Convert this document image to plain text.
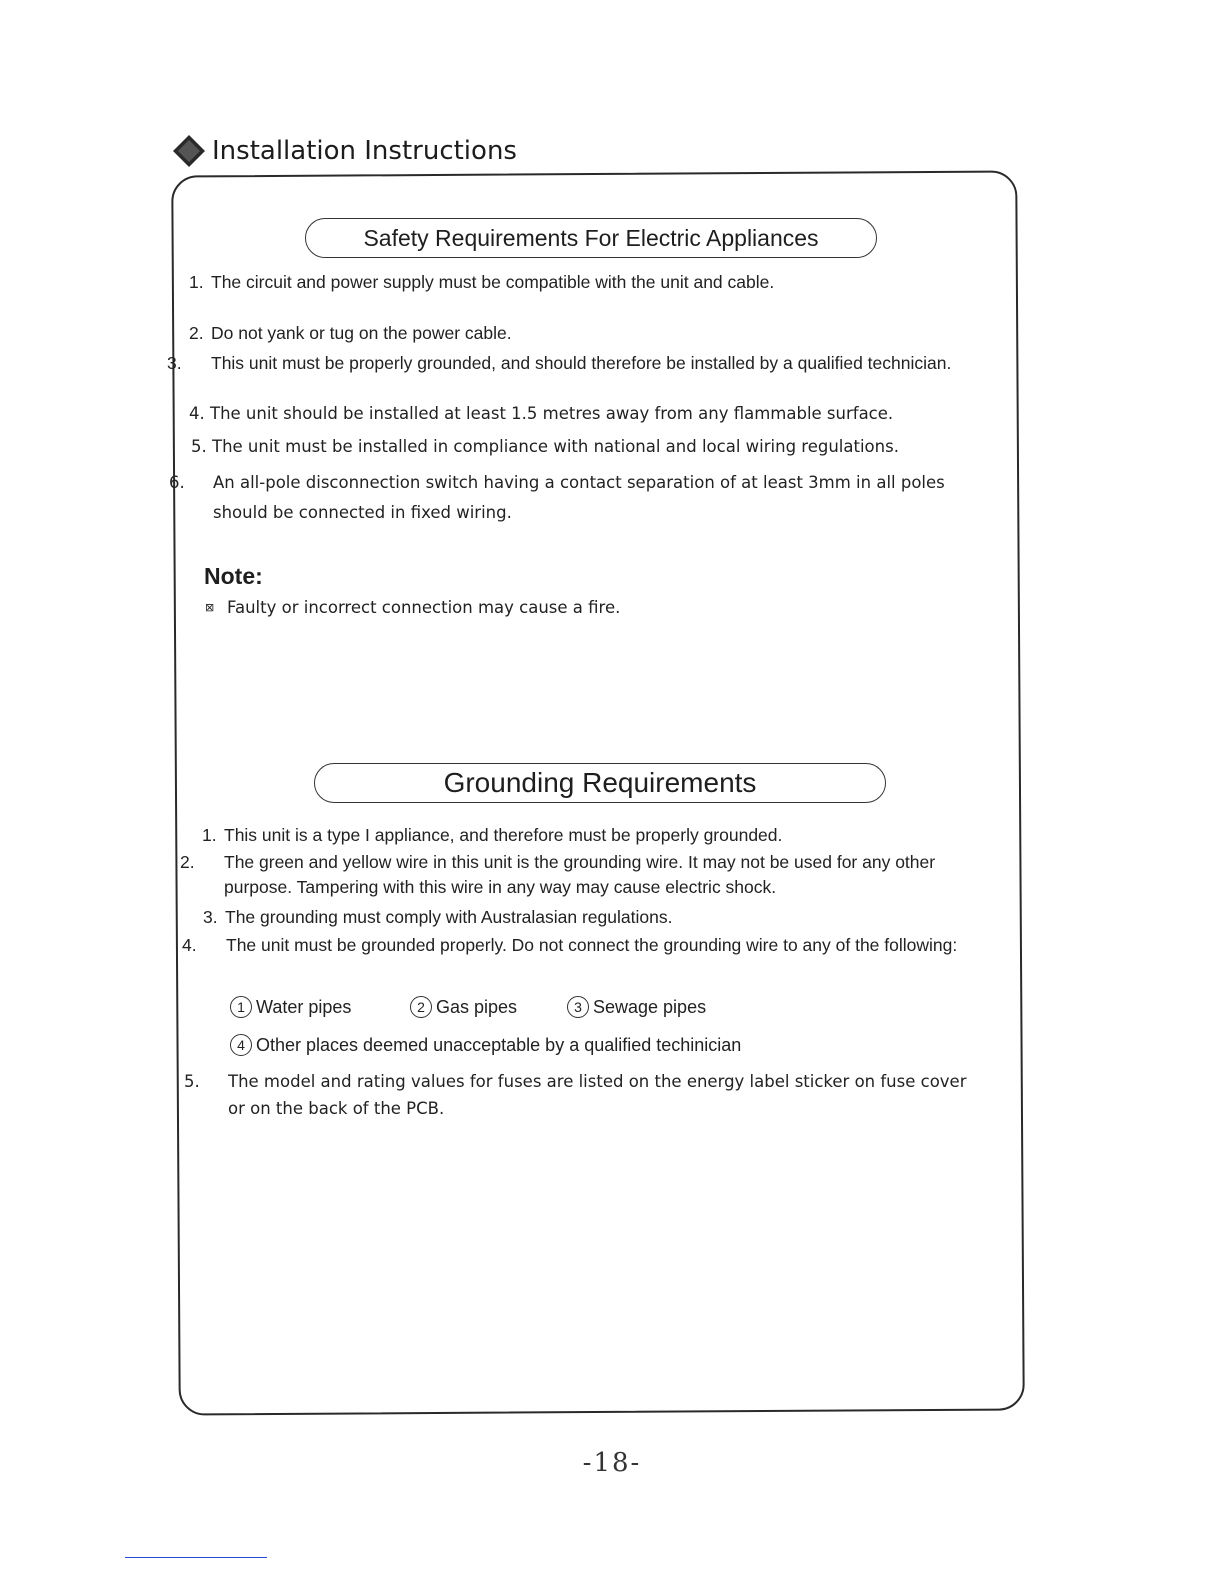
Installation Instructions
Safety Requirements For Electric Appliances
1. The circuit and power supply must be compatible with the unit and cable.
2. Do not yank or tug on the power cable.
3. This unit must be properly grounded, and should therefore be installed by a qualified technician.
4. The unit should be installed at least 1.5 metres away from any flammable surface.
5. The unit must be installed in compliance with national and local wiring regulations.
6. An all-pole disconnection switch having a contact separation of at least 3mm in all poles should be connected in fixed wiring.
Note:
⊠ Faulty or incorrect connection may cause a fire.
Grounding Requirements
1. This unit is a type I appliance, and therefore must be properly grounded.
2. The green and yellow wire in this unit is the grounding wire. It may not be used for any other purpose. Tampering with this wire in any way may cause electric shock.
3. The grounding must comply with Australasian regulations.
4. The unit must be grounded properly. Do not connect the grounding wire to any of the following:
1 Water pipes	2 Gas pipes	3 Sewage pipes
4 Other places deemed unacceptable by a qualified techinician
5. The model and rating values for fuses are listed on the energy label sticker on fuse cover or on the back of the PCB.
-18-
